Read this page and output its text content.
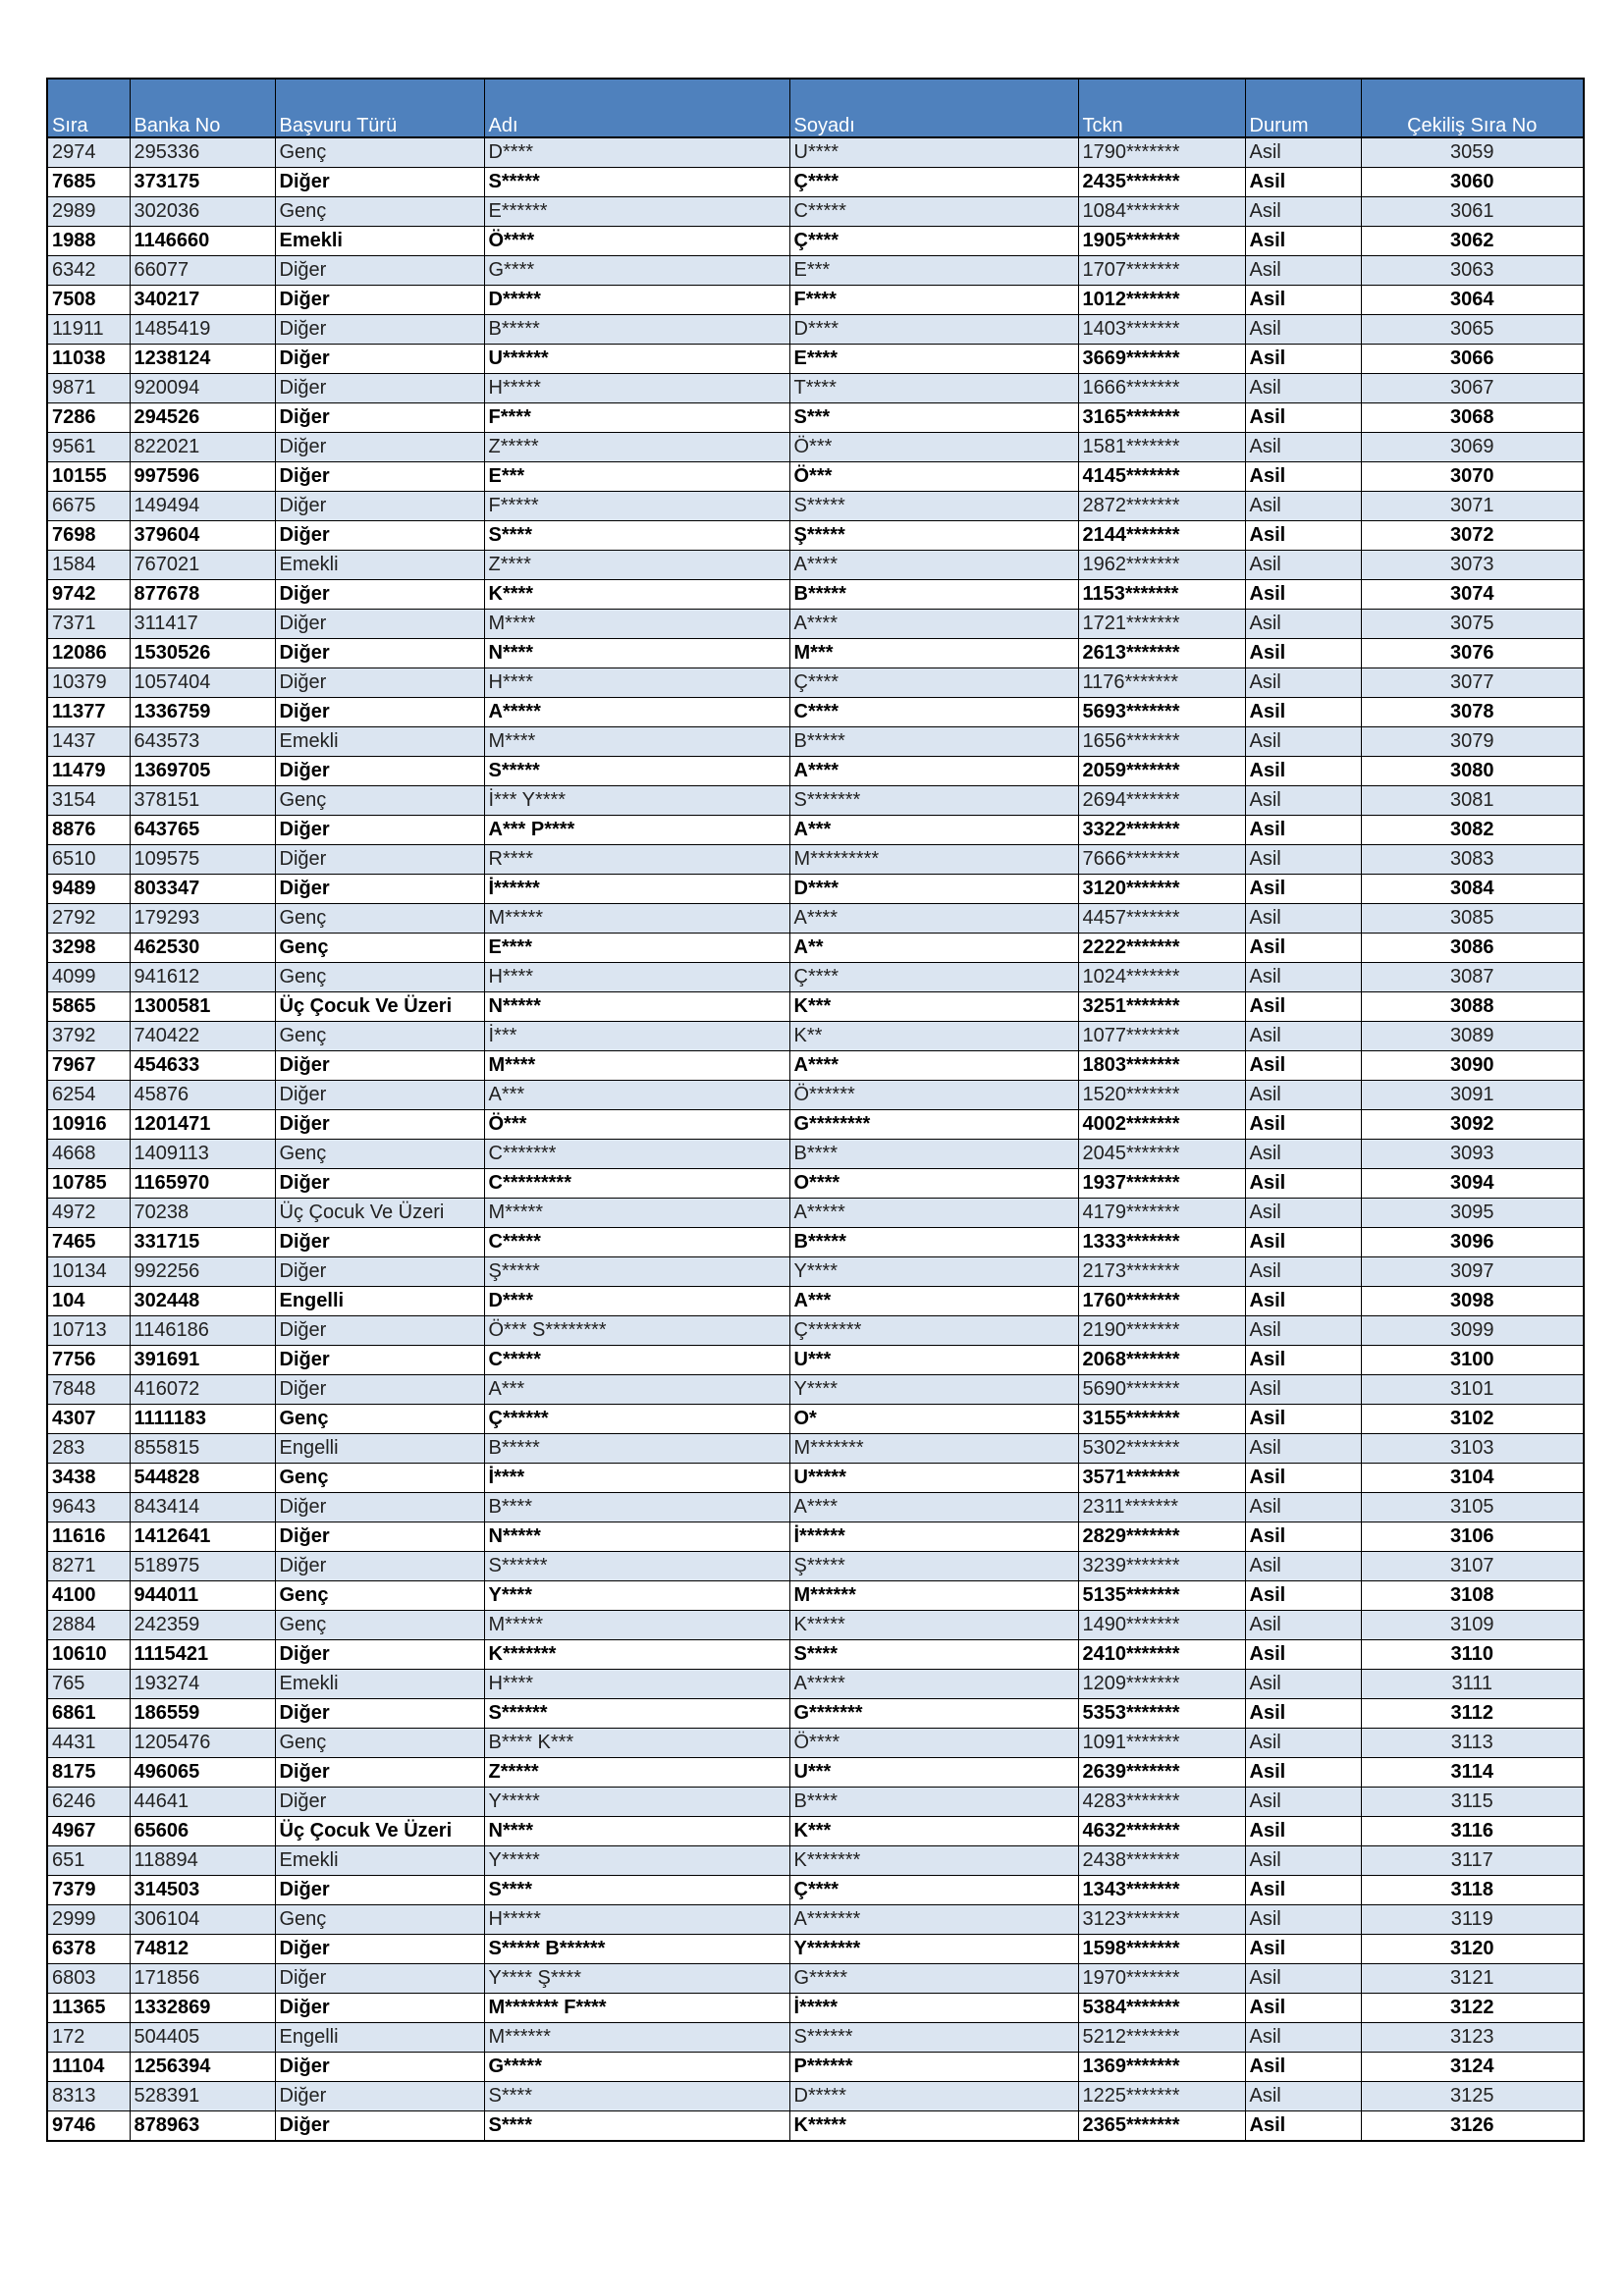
Sıra	Banka No	Başvuru Türü	Adı	Soyadı	Tckn	Durum	Çekiliş Sıra No
2974	295336	Genç	D****	U****	1790*******	Asil	3059
7685	373175	Diğer	S*****	Ç****	2435*******	Asil	3060
2989	302036	Genç	E******	C*****	1084*******	Asil	3061
1988	1146660	Emekli	Ö****	Ç****	1905*******	Asil	3062
6342	66077	Diğer	G****	E***	1707*******	Asil	3063
7508	340217	Diğer	D*****	F****	1012*******	Asil	3064
11911	1485419	Diğer	B*****	D****	1403*******	Asil	3065
11038	1238124	Diğer	U******	E****	3669*******	Asil	3066
9871	920094	Diğer	H*****	T****	1666*******	Asil	3067
7286	294526	Diğer	F****	S***	3165*******	Asil	3068
9561	822021	Diğer	Z*****	Ö***	1581*******	Asil	3069
10155	997596	Diğer	E***	Ö***	4145*******	Asil	3070
6675	149494	Diğer	F*****	S*****	2872*******	Asil	3071
7698	379604	Diğer	S****	Ş*****	2144*******	Asil	3072
1584	767021	Emekli	Z****	A****	1962*******	Asil	3073
9742	877678	Diğer	K****	B*****	1153*******	Asil	3074
7371	311417	Diğer	M****	A****	1721*******	Asil	3075
12086	1530526	Diğer	N****	M***	2613*******	Asil	3076
10379	1057404	Diğer	H****	Ç****	1176*******	Asil	3077
11377	1336759	Diğer	A*****	C****	5693*******	Asil	3078
1437	643573	Emekli	M****	B*****	1656*******	Asil	3079
11479	1369705	Diğer	S*****	A****	2059*******	Asil	3080
3154	378151	Genç	İ*** Y****	S*******	2694*******	Asil	3081
8876	643765	Diğer	A*** P****	A***	3322*******	Asil	3082
6510	109575	Diğer	R****	M*********	7666*******	Asil	3083
9489	803347	Diğer	İ******	D****	3120*******	Asil	3084
2792	179293	Genç	M*****	A****	4457*******	Asil	3085
3298	462530	Genç	E****	A**	2222*******	Asil	3086
4099	941612	Genç	H****	Ç****	1024*******	Asil	3087
5865	1300581	Üç Çocuk Ve Üzeri	N*****	K***	3251*******	Asil	3088
3792	740422	Genç	İ***	K**	1077*******	Asil	3089
7967	454633	Diğer	M****	A****	1803*******	Asil	3090
6254	45876	Diğer	A***	Ö******	1520*******	Asil	3091
10916	1201471	Diğer	Ö***	G********	4002*******	Asil	3092
4668	1409113	Genç	C*******	B****	2045*******	Asil	3093
10785	1165970	Diğer	C*********	O****	1937*******	Asil	3094
4972	70238	Üç Çocuk Ve Üzeri	M*****	A*****	4179*******	Asil	3095
7465	331715	Diğer	C*****	B*****	1333*******	Asil	3096
10134	992256	Diğer	Ş*****	Y****	2173*******	Asil	3097
104	302448	Engelli	D****	A***	1760*******	Asil	3098
10713	1146186	Diğer	Ö*** S********	Ç*******	2190*******	Asil	3099
7756	391691	Diğer	C*****	U***	2068*******	Asil	3100
7848	416072	Diğer	A***	Y****	5690*******	Asil	3101
4307	1111183	Genç	Ç******	O*	3155*******	Asil	3102
283	855815	Engelli	B*****	M*******	5302*******	Asil	3103
3438	544828	Genç	İ****	U*****	3571*******	Asil	3104
9643	843414	Diğer	B****	A****	2311*******	Asil	3105
11616	1412641	Diğer	N*****	İ******	2829*******	Asil	3106
8271	518975	Diğer	S******	Ş*****	3239*******	Asil	3107
4100	944011	Genç	Y****	M******	5135*******	Asil	3108
2884	242359	Genç	M*****	K*****	1490*******	Asil	3109
10610	1115421	Diğer	K*******	S****	2410*******	Asil	3110
765	193274	Emekli	H****	A*****	1209*******	Asil	3111
6861	186559	Diğer	S******	G*******	5353*******	Asil	3112
4431	1205476	Genç	B**** K***	Ö****	1091*******	Asil	3113
8175	496065	Diğer	Z*****	U***	2639*******	Asil	3114
6246	44641	Diğer	Y*****	B****	4283*******	Asil	3115
4967	65606	Üç Çocuk Ve Üzeri	N****	K***	4632*******	Asil	3116
651	118894	Emekli	Y*****	K*******	2438*******	Asil	3117
7379	314503	Diğer	S****	Ç****	1343*******	Asil	3118
2999	306104	Genç	H*****	A*******	3123*******	Asil	3119
6378	74812	Diğer	S***** B******	Y*******	1598*******	Asil	3120
6803	171856	Diğer	Y**** Ş****	G*****	1970*******	Asil	3121
11365	1332869	Diğer	M******* F****	İ*****	5384*******	Asil	3122
172	504405	Engelli	M******	S******	5212*******	Asil	3123
11104	1256394	Diğer	G*****	P******	1369*******	Asil	3124
8313	528391	Diğer	S****	D*****	1225*******	Asil	3125
9746	878963	Diğer	S****	K*****	2365*******	Asil	3126
